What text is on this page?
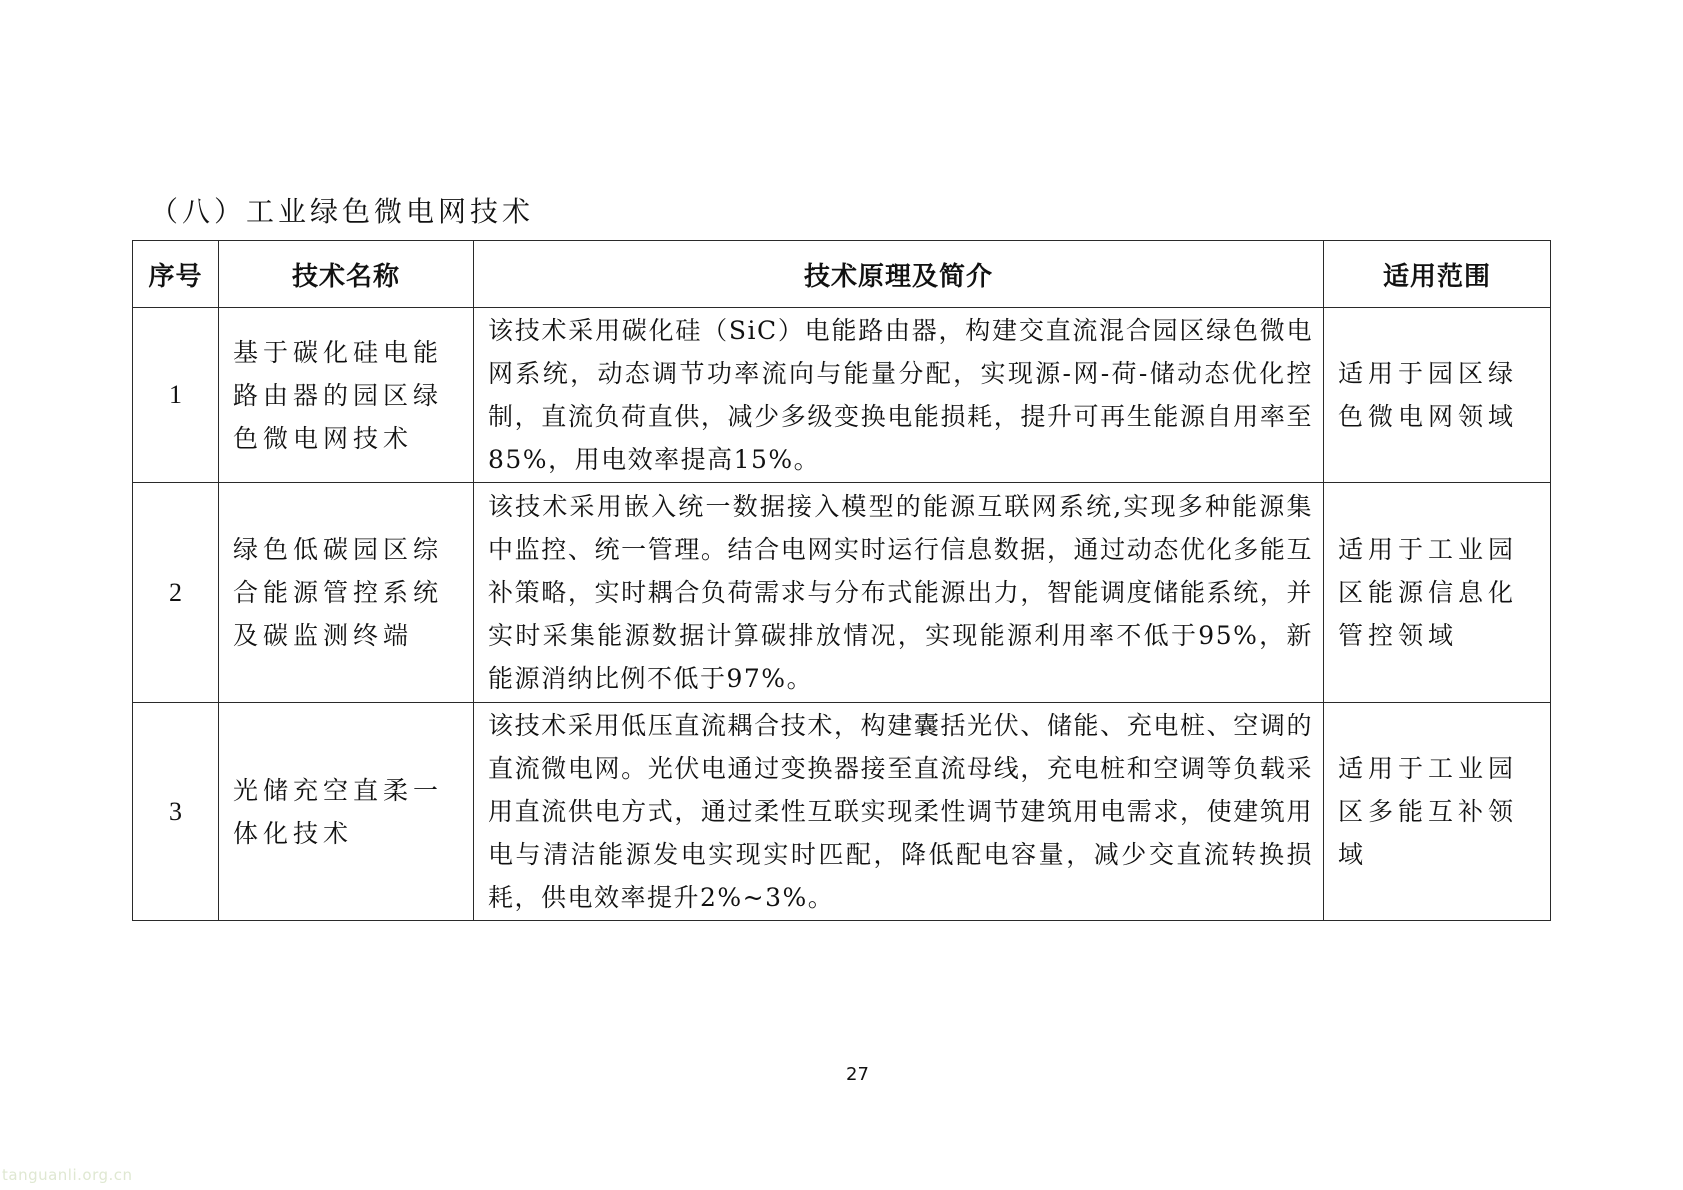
（八）工业绿色微电网技术
序号	技术名称	技术原理及简介	适用范围
1	基于碳化硅电能路由器的园区绿色微电网技术	该技术采用碳化硅（SiC）电能路由器，构建交直流混合园区绿色微电网系统，动态调节功率流向与能量分配，实现源-网-荷-储动态优化控制，直流负荷直供，减少多级变换电能损耗，提升可再生能源自用率至85%，用电效率提高15%。	适用于园区绿色微电网领域
2	绿色低碳园区综合能源管控系统及碳监测终端	该技术采用嵌入统一数据接入模型的能源互联网系统,实现多种能源集中监控、统一管理。结合电网实时运行信息数据，通过动态优化多能互补策略，实时耦合负荷需求与分布式能源出力，智能调度储能系统，并实时采集能源数据计算碳排放情况，实现能源利用率不低于95%，新能源消纳比例不低于97%。	适用于工业园区能源信息化管控领域
3	光储充空直柔一体化技术	该技术采用低压直流耦合技术，构建囊括光伏、储能、充电桩、空调的直流微电网。光伏电通过变换器接至直流母线，充电桩和空调等负载采用直流供电方式，通过柔性互联实现柔性调节建筑用电需求，使建筑用电与清洁能源发电实现实时匹配，降低配电容量，减少交直流转换损耗，供电效率提升2%~3%。	适用于工业园区多能互补领域
27
tanguanli.org.cn
